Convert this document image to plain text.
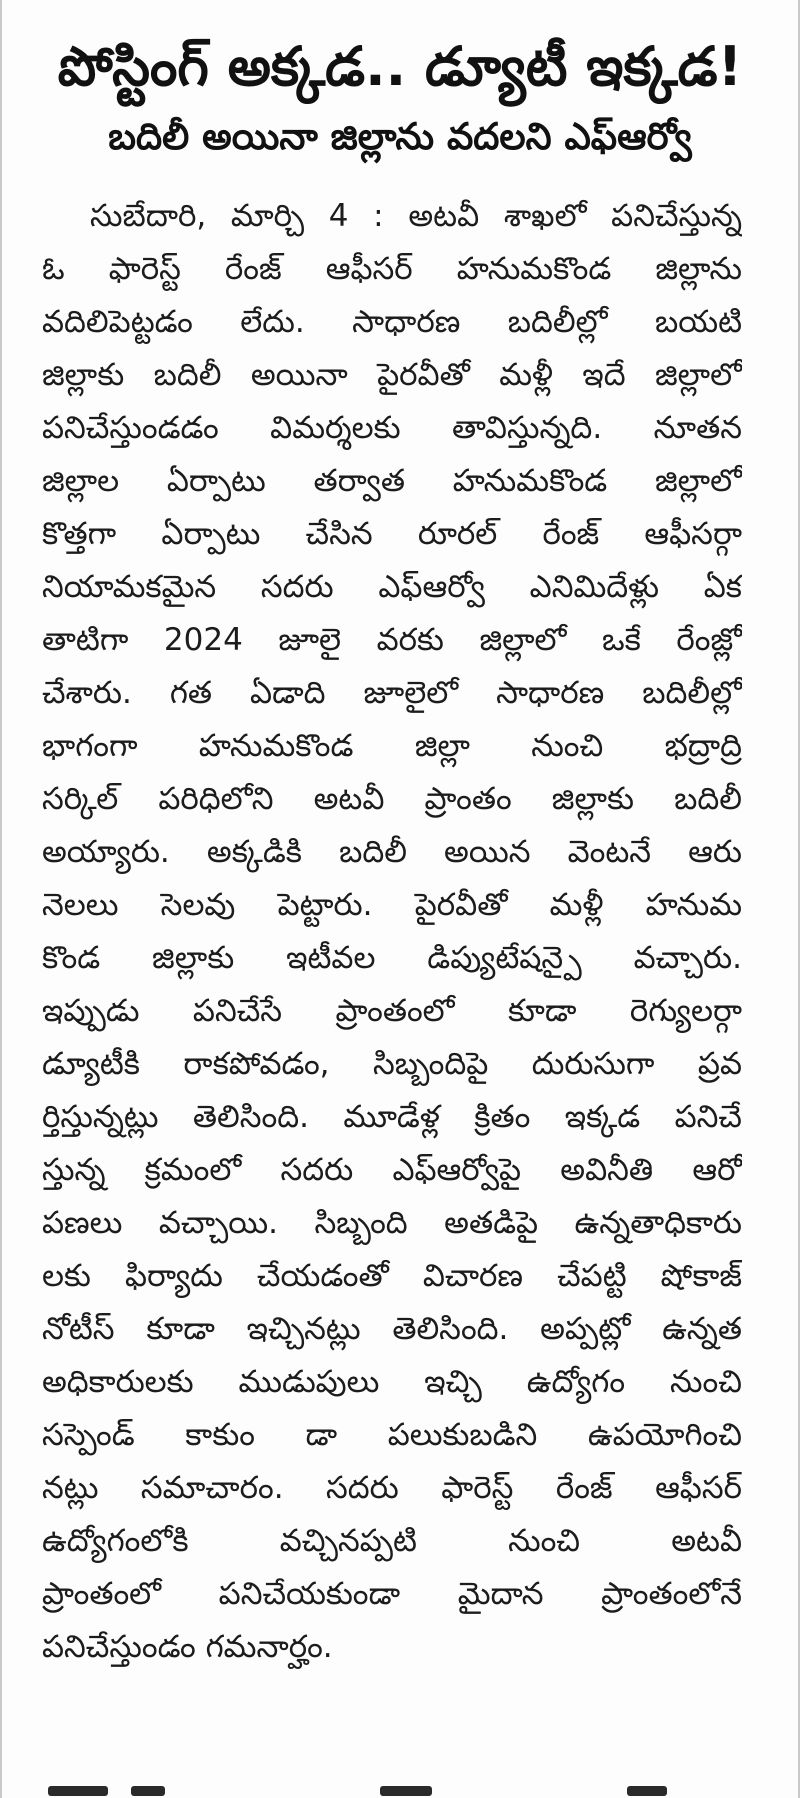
పోస్టింగ్ అక్కడ.. డ్యూటీ ఇక్కడ!
బదిలీ అయినా జిల్లాను వదలని ఎఫ్ఆర్వో
సుబేదారి, మార్చి 4 : అటవీ శాఖలో పనిచేస్తున్న
ఓ ఫారెస్ట్ రేంజ్ ఆఫీసర్ హనుమకొండ జిల్లాను
వదిలిపెట్టడం లేదు. సాధారణ బదిలీల్లో బయటి
జిల్లాకు బదిలీ అయినా పైరవీతో మళ్లీ ఇదే జిల్లాలో
పనిచేస్తుండడం విమర్శలకు తావిస్తున్నది. నూతన
జిల్లాల ఏర్పాటు తర్వాత హనుమకొండ జిల్లాలో
కొత్తగా ఏర్పాటు చేసిన రూరల్ రేంజ్ ఆఫీసర్గా
నియామకమైన సదరు ఎఫ్ఆర్వో ఎనిమిదేళ్లు ఏక
తాటిగా 2024 జూలై వరకు జిల్లాలో ఒకే రేంజ్లో
చేశారు. గత ఏడాది జూలైలో సాధారణ బదిలీల్లో
భాగంగా హనుమకొండ జిల్లా నుంచి భద్రాద్రి
సర్కిల్ పరిధిలోని అటవీ ప్రాంతం జిల్లాకు బదిలీ
అయ్యారు. అక్కడికి బదిలీ అయిన వెంటనే ఆరు
నెలలు సెలవు పెట్టారు. పైరవీతో మళ్లీ హనుమ
కొండ జిల్లాకు ఇటీవల డిప్యుటేషన్పై వచ్చారు.
ఇప్పుడు పనిచేసే ప్రాంతంలో కూడా రెగ్యులర్గా
డ్యూటీకి రాకపోవడం, సిబ్బందిపై దురుసుగా ప్రవ
ర్తిస్తున్నట్లు తెలిసింది. మూడేళ్ల క్రితం ఇక్కడ పనిచే
స్తున్న క్రమంలో సదరు ఎఫ్ఆర్వోపై అవినీతి ఆరో
పణలు వచ్చాయి. సిబ్బంది అతడిపై ఉన్నతాధికారు
లకు ఫిర్యాదు చేయడంతో విచారణ చేపట్టి షోకాజ్
నోటీస్ కూడా ఇచ్చినట్లు తెలిసింది. అప్పట్లో ఉన్నత
అధికారులకు ముడుపులు ఇచ్చి ఉద్యోగం నుంచి
సస్పెండ్ కాకుం డా పలుకుబడిని ఉపయోగించి
నట్లు సమాచారం. సదరు ఫారెస్ట్ రేంజ్ ఆఫీసర్
ఉద్యోగంలోకి వచ్చినప్పటి నుంచి అటవీ
ప్రాంతంలో పనిచేయకుండా మైదాన ప్రాంతంలోనే
పనిచేస్తుండం గమనార్హం.
